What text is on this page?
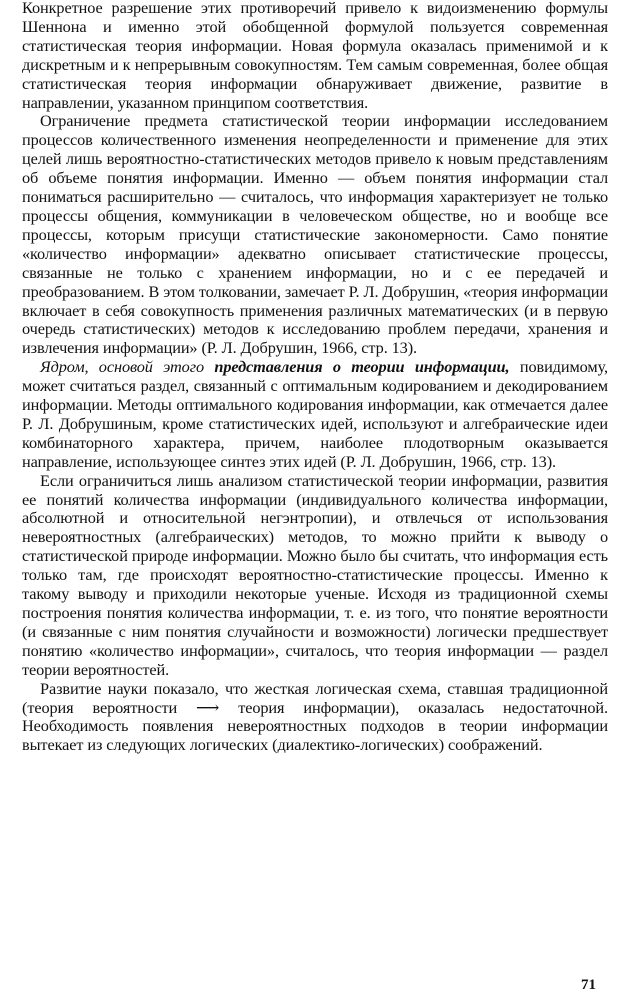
Конкретное разрешение этих противоречий привело к видоизменению формулы Шеннона и именно этой обобщенной формулой пользуется современная статистическая теория информации. Новая формула оказалась применимой и к дискретным и к непрерывным совокупностям. Тем самым современная, более общая статистическая теория информации обнаруживает движение, развитие в направлении, указанном принципом соответствия.

Ограничение предмета статистической теории информации исследованием процессов количественного изменения неопределенности и применение для этих целей лишь вероятностно-статистических методов привело к новым представлениям об объеме понятия информации. Именно — объем понятия информации стал пониматься расширительно — считалось, что информация характеризует не только процессы общения, коммуникации в человеческом обществе, но и вообще все процессы, которым присущи статистические закономерности. Само понятие «количество информации» адекватно описывает статистические процессы, связанные не только с хранением информации, но и с ее передачей и преобразованием. В этом толковании, замечает Р. Л. Добрушин, «теория информации включает в себя совокупность применения различных математических (и в первую очередь статистических) методов к исследованию проблем передачи, хранения и извлечения информации» (Р. Л. Добрушин, 1966, стр. 13).

Ядром, основой этого представления о теории информации, повидимому, может считаться раздел, связанный с оптимальным кодированием и декодированием информации. Методы оптимального кодирования информации, как отмечается далее Р. Л. Добрушиным, кроме статистических идей, используют и алгебраические идеи комбинаторного характера, причем, наиболее плодотворным оказывается направление, использующее синтез этих идей (Р. Л. Добрушин, 1966, стр. 13).

Если ограничиться лишь анализом статистической теории информации, развития ее понятий количества информации (индивидуального количества информации, абсолютной и относительной негэнтропии), и отвлечься от использования невероятностных (алгебраических) методов, то можно прийти к выводу о статистической природе информации. Можно было бы считать, что информация есть только там, где происходят вероятностно-статистические процессы. Именно к такому выводу и приходили некоторые ученые. Исходя из традиционной схемы построения понятия количества информации, т. е. из того, что понятие вероятности (и связанные с ним понятия случайности и возможности) логически предшествует понятию «количество информации», считалось, что теория информации — раздел теории вероятностей.

Развитие науки показало, что жесткая логическая схема, ставшая традиционной (теория вероятности ⟶ теория информации), оказалась недостаточной. Необходимость появления невероятностных подходов в теории информации вытекает из следующих логических (диалектико-логических) соображений.

71
